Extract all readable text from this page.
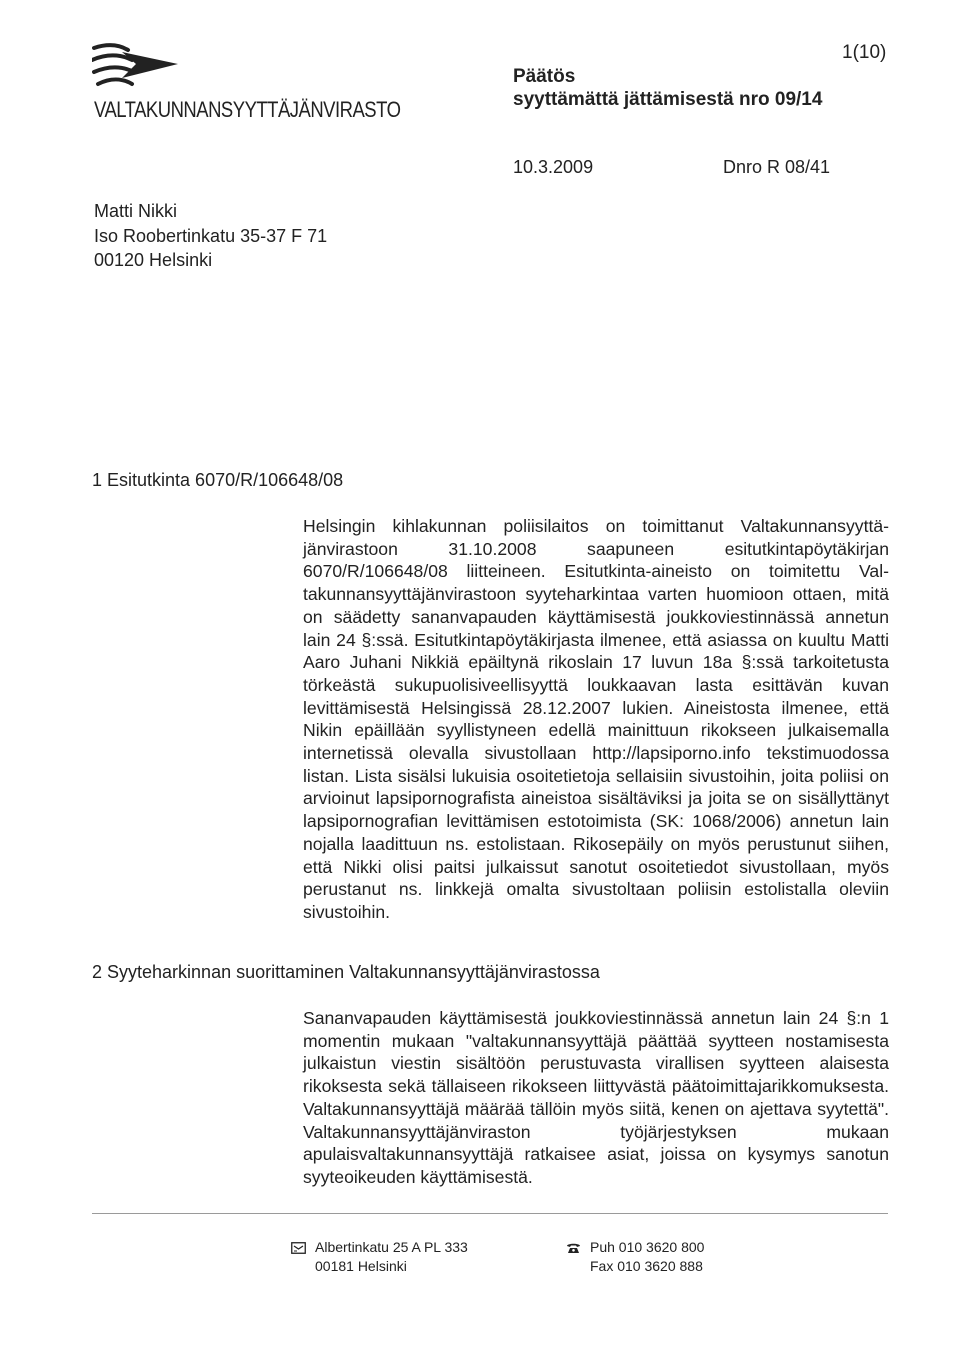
VALTAKUNNANSYYTTÄJÄNVIRASTO
Päätös
syyttämättä jättämisestä nro 09/14
1(10)
10.3.2009	Dnro R 08/41
Matti Nikki
Iso Roobertinkatu 35-37 F 71
00120 Helsinki
1 Esitutkinta 6070/R/106648/08
Helsingin kihlakunnan poliisilaitos on toimittanut Valtakunnansyyttäjänvirastoon 31.10.2008 saapuneen esitutkintapöytäkirjan 6070/R/106648/08 liitteineen. Esitutkinta-aineisto on toimitettu Valtakunnansyyttäjänvirastoon syyteharkintaa varten huomioon ottaen, mitä on säädetty sananvapauden käyttämisestä joukkoviestinnässä annetun lain 24 §:ssä. Esitutkintapöytäkirjasta ilmenee, että asiassa on kuultu Matti Aaro Juhani Nikkiä epäiltynä rikoslain 17 luvun 18a §:ssä tarkoitetusta törkeästä sukupuolisiveellisyyttä loukkaavan lasta esittävän kuvan levittämisestä Helsingissä 28.12.2007 lukien. Aineistosta ilmenee, että Nikin epäillään syyllistyneen edellä mainittuun rikokseen julkaisemalla internetissä olevalla sivustollaan http://lapsiporno.info tekstimuodossa listan. Lista sisälsi lukuisia osoitetietoja sellaisiin sivustoihin, joita poliisi on arvioinut lapsipornografista aineistoa sisältäviksi ja joita se on sisällyttänyt lapsipornografian levittämisen estotoimista (SK: 1068/2006) annetun lain nojalla laadittuun ns. estolistaan. Rikosepäily on myös perustunut siihen, että Nikki olisi paitsi julkaissut sanotut osoitetiedot sivustollaan, myös perustanut ns. linkkejä omalta sivustoltaan poliisin estolistalla oleviin sivustoihin.
2 Syyteharkinnan suorittaminen Valtakunnansyyttäjänvirastossa
Sananvapauden käyttämisestä joukkoviestinnässä annetun lain 24 §:n 1 momentin mukaan "valtakunnansyyttäjä päättää syytteen nostamisesta julkaistun viestin sisältöön perustuvasta virallisen syytteen alaisesta rikoksesta sekä tällaiseen rikokseen liittyvästä päätoimittajarikkomuksesta. Valtakunnansyyttäjä määrää tällöin myös siitä, kenen on ajettava syytettä". Valtakunnansyyttäjänviraston työjärjestyksen mukaan apulaisvaltakunnansyyttäjä ratkaisee asiat, joissa on kysymys sanotun syyteoikeuden käyttämisestä.
Albertinkatu 25 A PL 333
00181 Helsinki
Puh 010 3620 800
Fax 010 3620 888
